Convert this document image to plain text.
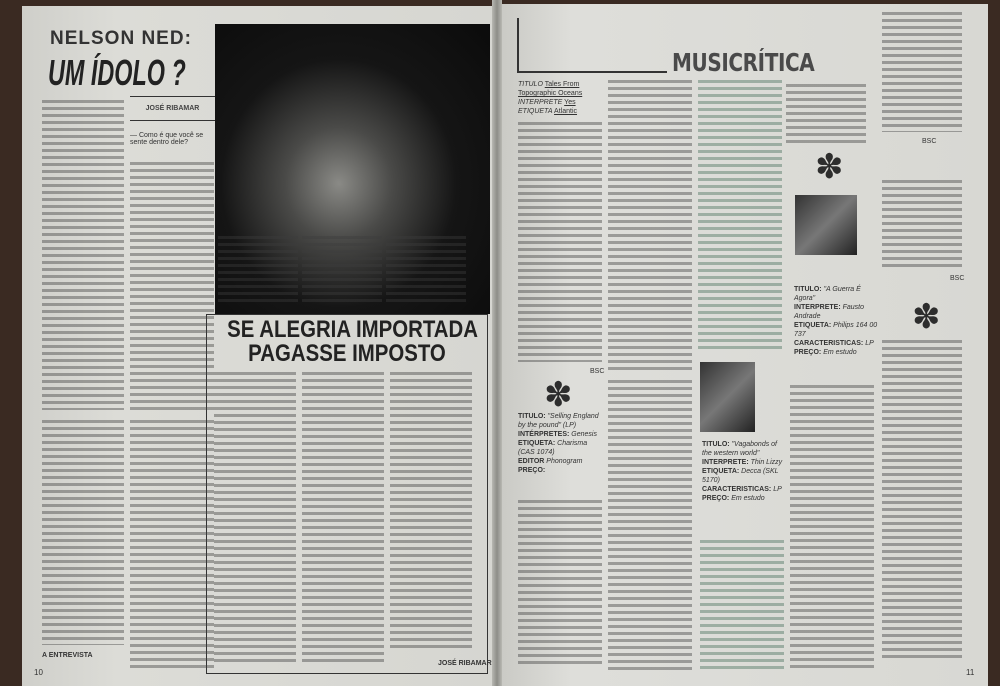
NELSON NED:
UM ÍDOLO ?
JOSÉ RIBAMAR
— Como é que você se sente dentro dele?
A ENTREVISTA
SE ALEGRIA IMPORTADA
PAGASSE IMPOSTO
JOSÉ RIBAMAR
10
MUSICRÍTICA
TITULO Tales From Topographic Oceans
INTERPRETE Yes
ETIQUETA Atlantic
BSC
✽
TITULO: "Selling England by the pound" (LP)
INTÉRPRETES: Genesis
ETIQUETA: Charisma (CAS 1074)
EDITOR Phonogram
PREÇO:
TITULO: "Vagabonds of the western world"
INTERPRETE: Thin Lizzy
ETIQUETA: Decca (SKL 5170)
CARACTERISTICAS: LP
PREÇO: Em estudo
✽
TITULO: "A Guerra É Agora"
INTERPRETE: Fausto Andrade
ETIQUETA: Philips 164 00 737
CARACTERISTICAS: LP
PREÇO: Em estudo
BSC
BSC
✽
11
